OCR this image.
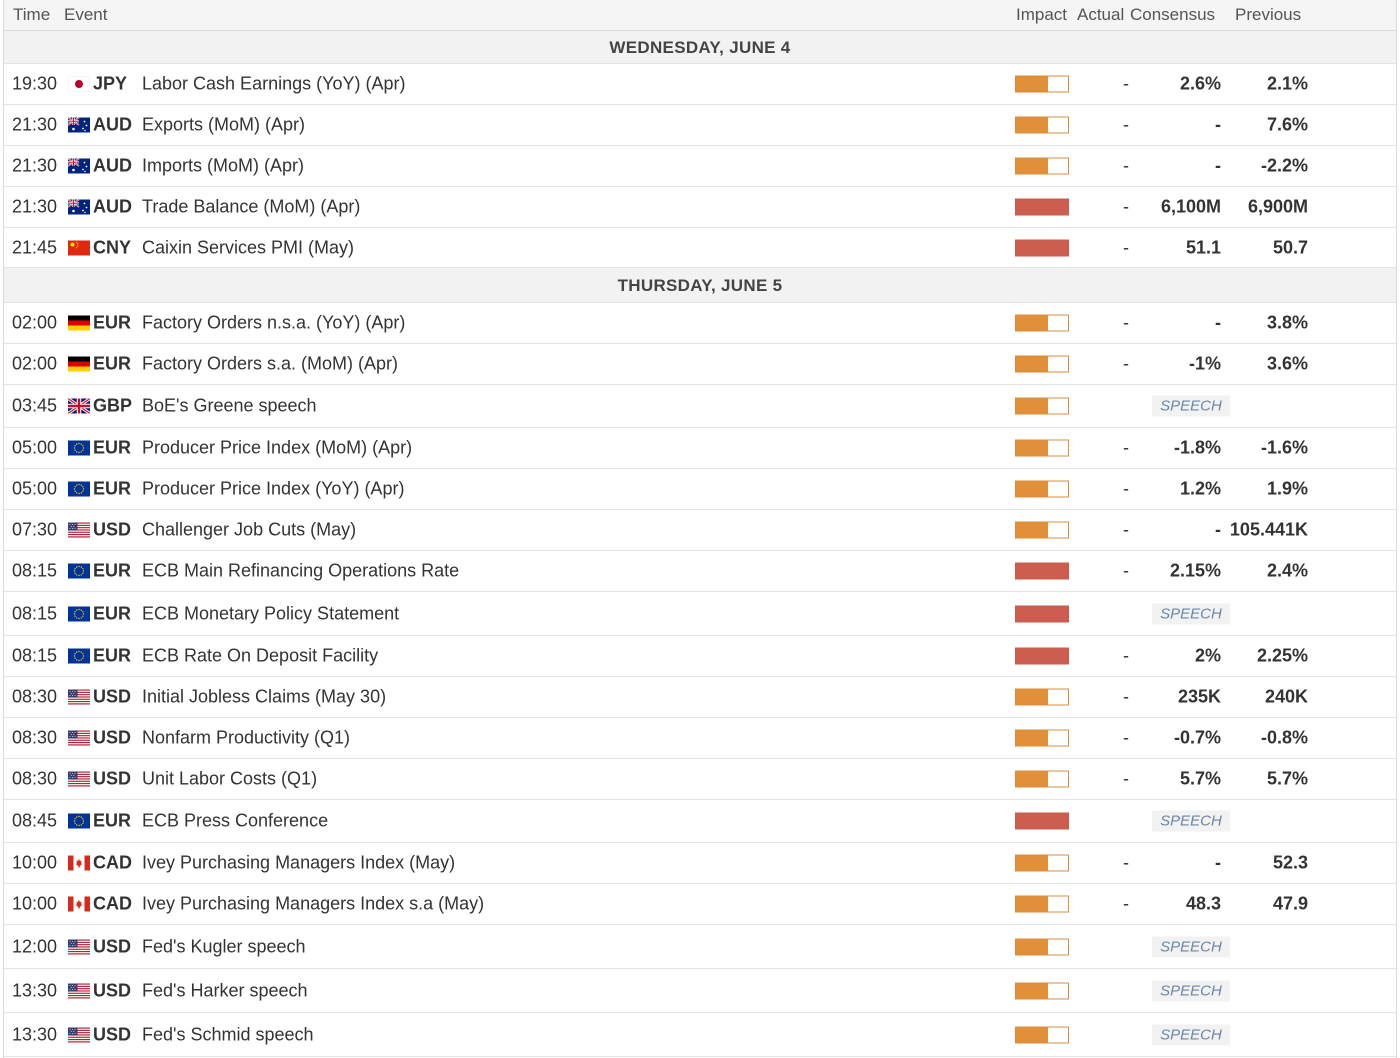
Time Event	Impact Actual Consensus Previous
WEDNESDAY, JUNE 4
19:30 JPY Labor Cash Earnings (YoY) (Apr)	-	2.6%	2.1%
21:30 AUD Exports (MoM) (Apr)	-	-	7.6%
21:30 AUD Imports (MoM) (Apr)	-	- -2.2%
21:30 AUD Trade Balance (MoM) (Apr)	-	6,100M 6,900M
21:45 CNY Caixin Services PMI (May)	-	51.1	50.7
THURSDAY, JUNE 5
02:00 EUR Factory Orders n.s.a. (YoY) (Apr)	-	-	3.8%
02:00 EUR Factory Orders s.a. (MoM) (Apr)	-	-1%	3.6%
03:45 GBP BoE's Greene speech	SPEECH
05:00 EUR Producer Price Index (MoM) (Apr)	-	-1.8% -1.6%
05:00 EUR Producer Price Index (YoY) (Apr)	-	1.2%	1.9%
07:30 USD Challenger Job Cuts (May)	-	- 105.441K
08:15 EUR ECB Main Refinancing Operations Rate	-	2.15%	2.4%
08:15 EUR ECB Monetary Policy Statement	SPEECH
08:15 EUR ECB Rate On Deposit Facility	-	2% 2.25%
08:30 USD Initial Jobless Claims (May 30)	-	235K 240K
08:30 USD Nonfarm Productivity (Q1)	-	-0.7% -0.8%
08:30 USD Unit Labor Costs (Q1)	-	5.7%	5.7%
08:45 EUR ECB Press Conference	SPEECH
10:00 CAD Ivey Purchasing Managers Index (May)	-	-	52.3
10:00 CAD Ivey Purchasing Managers Index s.a (May)	-	48.3	47.9
12:00 USD Fed's Kugler speech	SPEECH
13:30 USD Fed's Harker speech	SPEECH
13:30 USD Fed's Schmid speech	SPEECH
